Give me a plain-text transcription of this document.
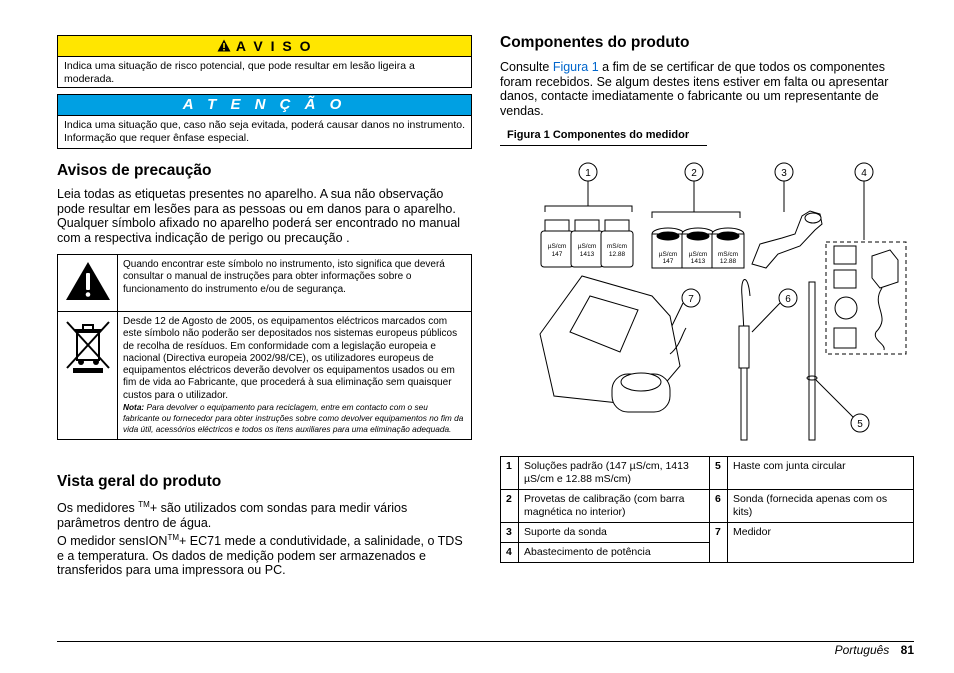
A V I S O
Indica uma situação de risco potencial, que pode resultar em lesão ligeira a moderada.
A T E N Ç Ã O
Indica uma situação que, caso não seja evitada, poderá causar danos no instrumento. Informação que requer ênfase especial.
Avisos de precaução
Leia todas as etiquetas presentes no aparelho. A sua não observação pode resultar em lesões para as pessoas ou em danos para o aparelho. Qualquer símbolo afixado no aparelho poderá ser encontrado no manual com a respectiva indicação de perigo ou precaução .
	Quando encontrar este símbolo no instrumento, isto significa que deverá consultar o manual de instruções para obter informações sobre o funcionamento do instrumento e/ou de segurança.

Desde 12 de Agosto de 2005, os equipamentos eléctricos marcados com este símbolo não poderão ser depositados nos sistemas europeus públicos de recolha de resíduos. Em conformidade com a legislação europeia e nacional (Directiva europeia 2002/98/CE), os utilizadores europeus de equipamentos eléctricos deverão devolver os equipamentos usados ou em fim de vida ao Fabricante, que procederá à sua eliminação sem quaisquer custos para o utilizador.
Nota: Para devolver o equipamento para reciclagem, entre em contacto com o seu fabricante ou fornecedor para obter instruções sobre como devolver equipamentos no fim da vida útil, acessórios eléctricos e todos os itens auxiliares para uma eliminação adequada.
Vista geral do produto
Os medidores ™+ são utilizados com sondas para medir vários parâmetros dentro de água.
O medidor sensION™+ EC71 mede a condutividade, a salinidade, o TDS e a temperatura. Os dados de medição podem ser armazenados e transferidos para uma impressora ou PC.
Componentes do produto
Consulte Figura 1 a fim de se certificar de que todos os componentes foram recebidos. Se algum destes itens estiver em falta ou apresentar danos, contacte imediatamente o fabricante ou um representante de vendas.
Figura 1 Componentes do medidor
1	2	3	4
5
6
7
µS/cm
147
µS/cm
1413
mS/cm
12.88	µS/cm
147
µS/cm
1413
mS/cm
12.88
1	Soluções padrão (147 µS/cm, 1413 µS/cm e 12.88 mS/cm)	5	Haste com junta circular
2	Provetas de calibração (com barra magnética no interior)	6	Sonda (fornecida apenas com os kits)
3	Suporte da sonda	7	Medidor
4	Abastecimento de potência		
Português 81
